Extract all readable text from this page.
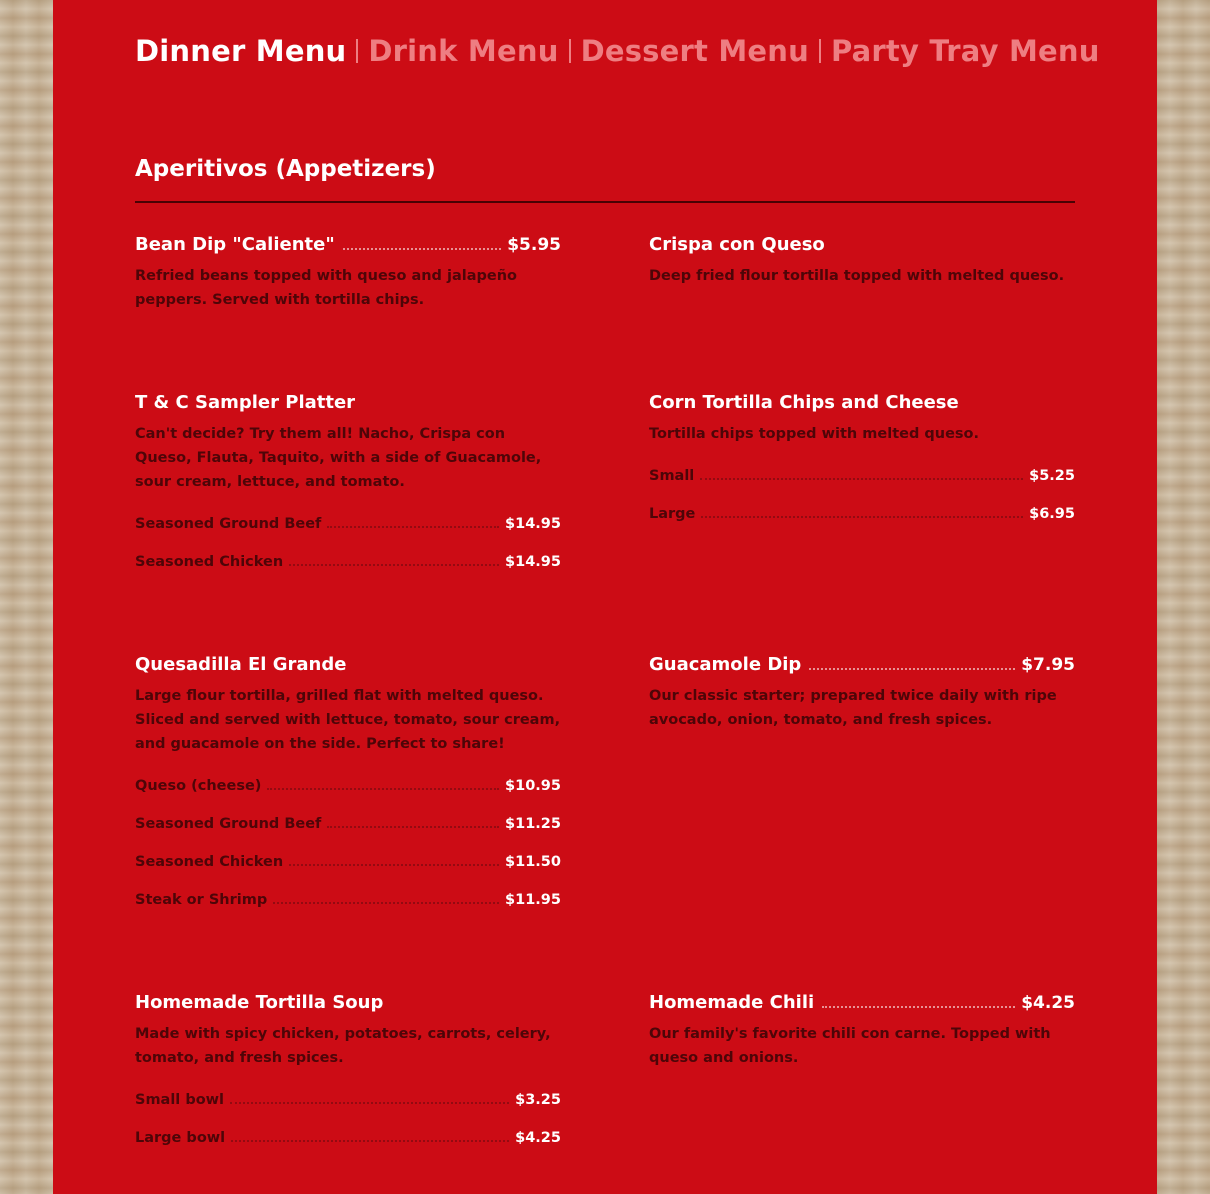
Dinner Menu Drink Menu Dessert Menu Party Tray Menu
Aperitivos (Appetizers)
Bean Dip "Caliente"	$5.95
Refried beans topped with queso and jalapeño peppers. Served with tortilla chips.
Crispa con Queso
Deep fried flour tortilla topped with melted queso.
T & C Sampler Platter
Can't decide? Try them all! Nacho, Crispa con Queso, Flauta, Taquito, with a side of Guacamole, sour cream, lettuce, and tomato.
Seasoned Ground Beef	$14.95
Seasoned Chicken	$14.95
Corn Tortilla Chips and Cheese
Tortilla chips topped with melted queso.
Small	$5.25
Large	$6.95
Quesadilla El Grande
Large flour tortilla, grilled flat with melted queso. Sliced and served with lettuce, tomato, sour cream, and guacamole on the side. Perfect to share!
Queso (cheese)	$10.95
Seasoned Ground Beef	$11.25
Seasoned Chicken	$11.50
Steak or Shrimp	$11.95
Guacamole Dip	$7.95
Our classic starter; prepared twice daily with ripe avocado, onion, tomato, and fresh spices.
Homemade Tortilla Soup
Made with spicy chicken, potatoes, carrots, celery, tomato, and fresh spices.
Small bowl	$3.25
Large bowl	$4.25
Homemade Chili	$4.25
Our family's favorite chili con carne. Topped with queso and onions.
